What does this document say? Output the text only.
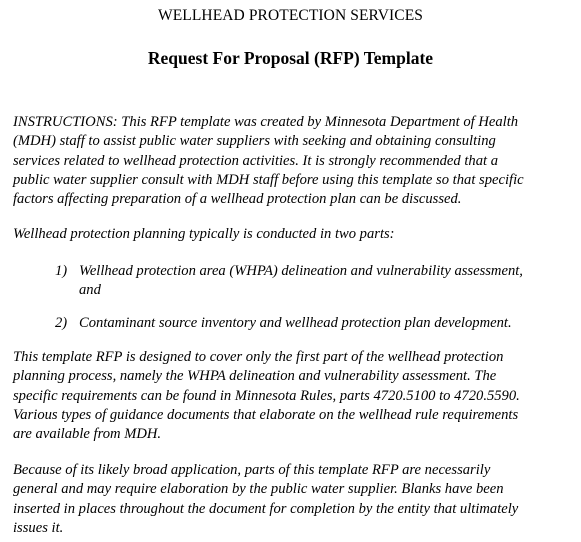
WELLHEAD PROTECTION SERVICES
Request For Proposal (RFP) Template
INSTRUCTIONS: This RFP template was created by Minnesota Department of Health
(MDH) staff to assist public water suppliers with seeking and obtaining consulting
services related to wellhead protection activities. It is strongly recommended that a
public water supplier consult with MDH staff before using this template so that specific
factors affecting preparation of a wellhead protection plan can be discussed.
Wellhead protection planning typically is conducted in two parts:
1) Wellhead protection area (WHPA) delineation and vulnerability assessment,
and
2) Contaminant source inventory and wellhead protection plan development.
This template RFP is designed to cover only the first part of the wellhead protection
planning process, namely the WHPA delineation and vulnerability assessment. The
specific requirements can be found in Minnesota Rules, parts 4720.5100 to 4720.5590.
Various types of guidance documents that elaborate on the wellhead rule requirements
are available from MDH.
Because of its likely broad application, parts of this template RFP are necessarily
general and may require elaboration by the public water supplier. Blanks have been
inserted in places throughout the document for completion by the entity that ultimately
issues it.
